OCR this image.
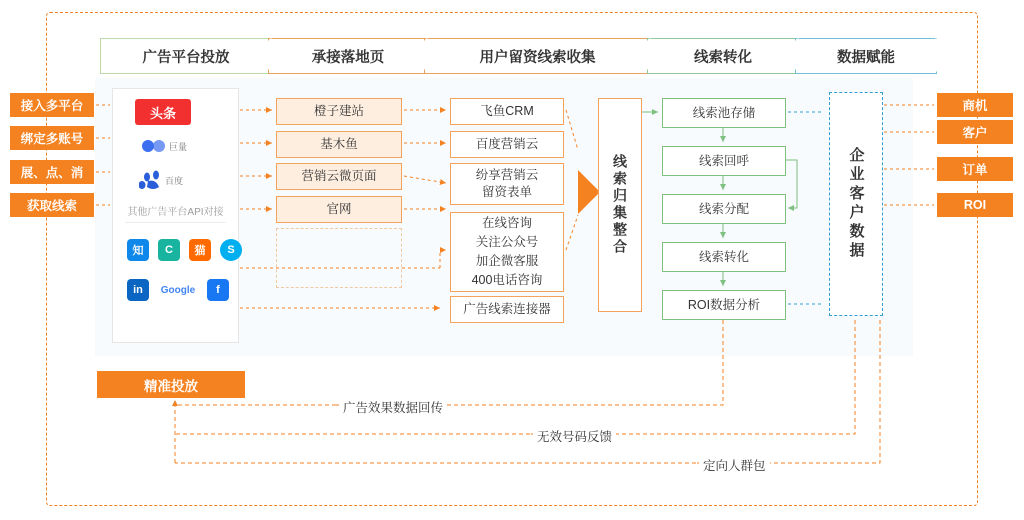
广告平台投放	承接落地页	用户留资线索收集	线索转化	数据赋能
接入多平台
绑定多账号
展、点、消
获取线索
商机
客户
订单
ROI
头条
巨量
百度
其他广告平台API对接
知	C	猫	S
in	Google	f
橙子建站
基木鱼
营销云微页面
官网
飞鱼CRM
百度营销云
纷享营销云
留资表单
在线咨询
关注公众号
加企微客服
400电话咨询
广告线索连接器
线索归集整合
线索池存储
线索回呼
线索分配
线索转化
ROI数据分析
企业客户数据
精准投放
广告效果数据回传
无效号码反馈
定向人群包
